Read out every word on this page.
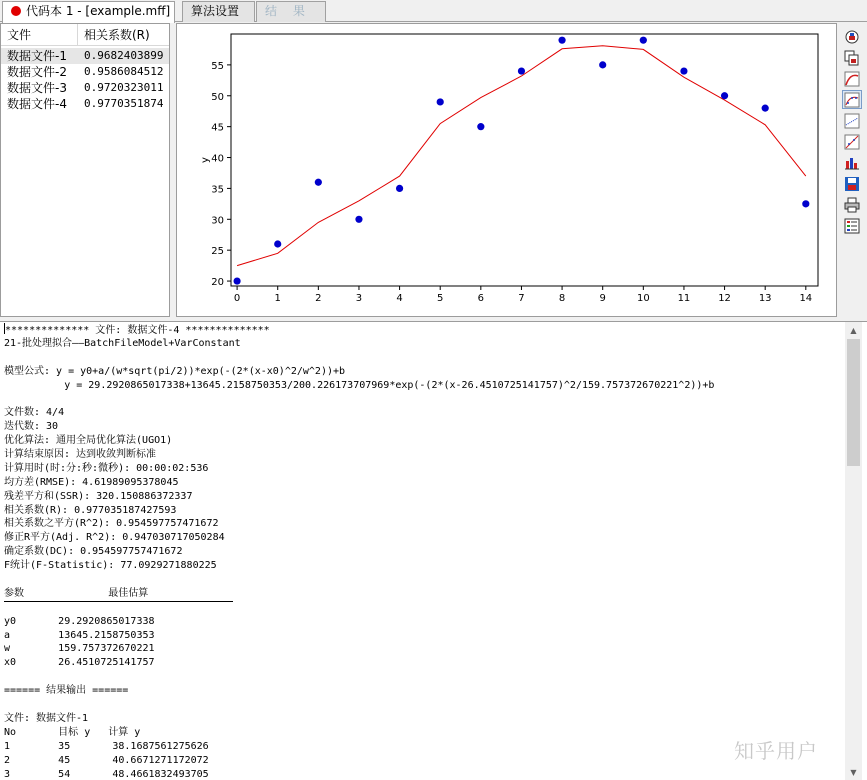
代码本 1 - [example.mff]	算法设置	结 果
文件	相关系数(R)
数据文件-1	0.9682403899
数据文件-2	0.9586084512
数据文件-3	0.9720323011
数据文件-4	0.9770351874
0	1	2	3	4	5	6	7	8	9	10	11	12	13	14
20
25
30
35
40
45
50
55
y
************** 文件: 数据文件-4 **************
21-批处理拟合——BatchFileModel+VarConstant
模型公式: y = y0+a/(w*sqrt(pi/2))*exp(-(2*(x-x0)^2/w^2))+b
y = 29.2920865017338+13645.2158750353/200.226173707969*exp(-(2*(x-26.4510725141757)^2/159.757372670221^2))+b
文件数: 4/4
迭代数: 30
优化算法: 通用全局优化算法(UGO1)
计算结束原因: 达到收敛判断标准
计算用时(时:分:秒:微秒): 00:00:02:536
均方差(RMSE): 4.61989095378045
残差平方和(SSR): 320.150886372337
相关系数(R): 0.977035187427593
相关系数之平方(R^2): 0.954597757471672
修正R平方(Adj. R^2): 0.947030717050284
确定系数(DC): 0.954597757471672
F统计(F-Statistic): 77.0929271880225
参数              最佳估算
y0       29.2920865017338
a        13645.2158750353
w        159.757372670221
x0       26.4510725141757
====== 结果输出 ======
文件: 数据文件-1
No       目标 y   计算 y
1        35       38.1687561275626
2        45       40.6671271172072
3        54       48.4661832493705
▲
▼
知乎用户
